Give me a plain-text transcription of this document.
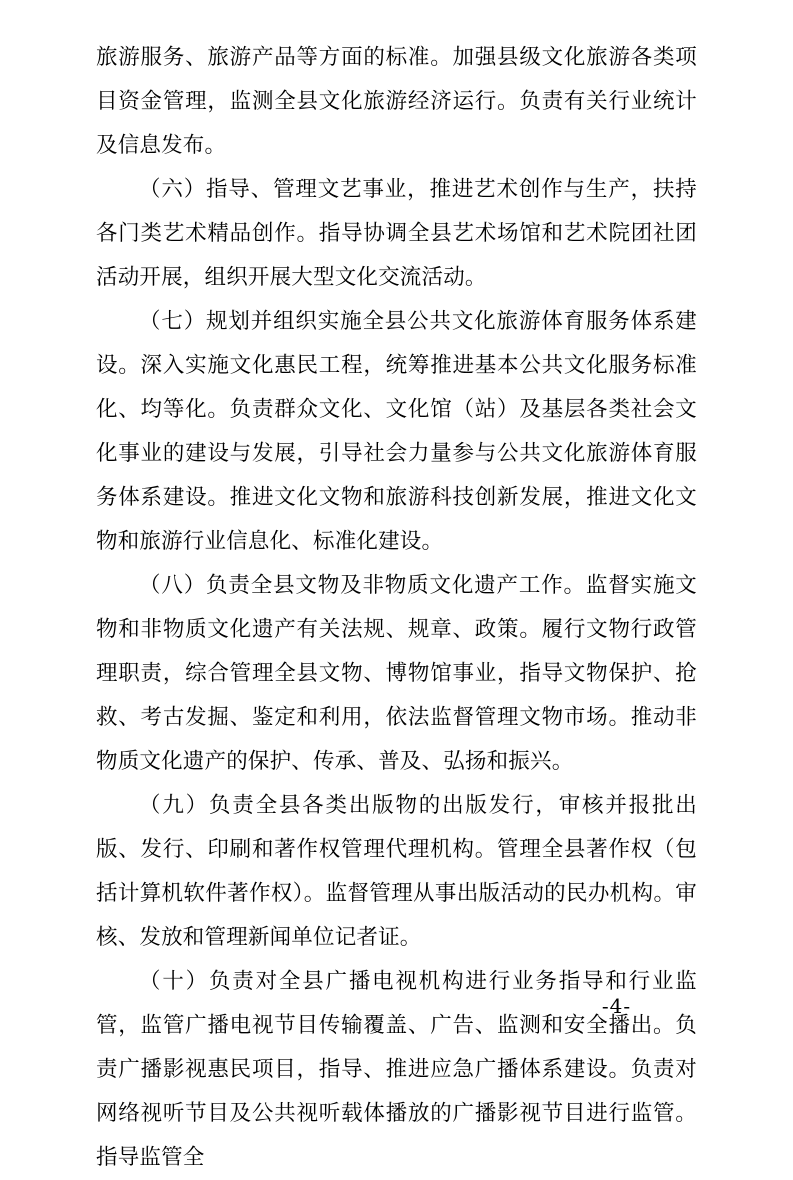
旅游服务、旅游产品等方面的标准。加强县级文化旅游各类项目资金管理，监测全县文化旅游经济运行。负责有关行业统计及信息发布。

（六）指导、管理文艺事业，推进艺术创作与生产，扶持各门类艺术精品创作。指导协调全县艺术场馆和艺术院团社团活动开展，组织开展大型文化交流活动。

（七）规划并组织实施全县公共文化旅游体育服务体系建设。深入实施文化惠民工程，统筹推进基本公共文化服务标准化、均等化。负责群众文化、文化馆（站）及基层各类社会文化事业的建设与发展，引导社会力量参与公共文化旅游体育服务体系建设。推进文化文物和旅游科技创新发展，推进文化文物和旅游行业信息化、标准化建设。

（八）负责全县文物及非物质文化遗产工作。监督实施文物和非物质文化遗产有关法规、规章、政策。履行文物行政管理职责，综合管理全县文物、博物馆事业，指导文物保护、抢救、考古发掘、鉴定和利用，依法监督管理文物市场。推动非物质文化遗产的保护、传承、普及、弘扬和振兴。

（九）负责全县各类出版物的出版发行，审核并报批出版、发行、印刷和著作权管理代理机构。管理全县著作权（包括计算机软件著作权）。监督管理从事出版活动的民办机构。审核、发放和管理新闻单位记者证。

（十）负责对全县广播电视机构进行业务指导和行业监管，监管广播电视节目传输覆盖、广告、监测和安全播出。负责广播影视惠民项目，指导、推进应急广播体系建设。负责对网络视听节目及公共视听载体播放的广播影视节目进行监管。指导监管全

-4-
